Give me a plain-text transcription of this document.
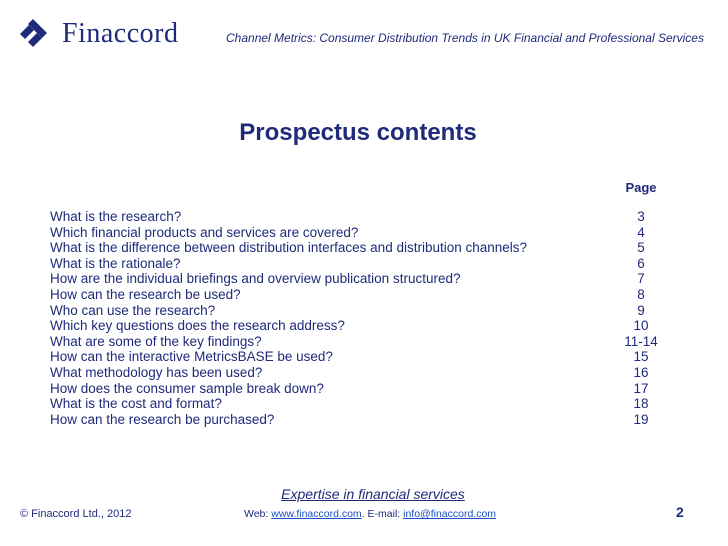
Finaccord	Channel Metrics: Consumer Distribution Trends in UK Financial and Professional Services
Prospectus contents
Page
What is the research?	3
Which financial products and services are covered?	4
What is the difference between distribution interfaces and distribution channels?	5
What is the rationale?	6
How are the individual briefings and overview publication structured?	7
How can the research be used?	8
Who can use the research?	9
Which key questions does the research address?	10
What are some of the key findings?	11-14
How can the interactive MetricsBASE be used?	15
What methodology has been used?	16
How does the consumer sample break down?	17
What is the cost and format?	18
How can the research be purchased?	19
Expertise in financial services
© Finaccord Ltd., 2012	Web: www.finaccord.com. E-mail: info@finaccord.com	2
